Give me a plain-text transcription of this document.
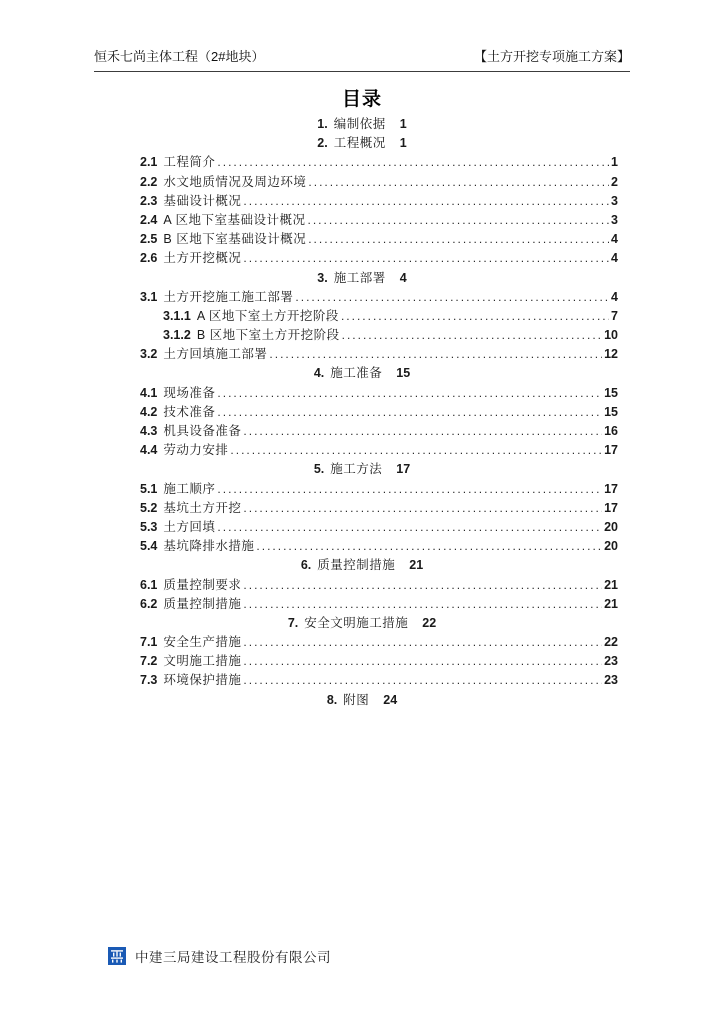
恒禾七尚主体工程（2#地块）	【土方开挖专项施工方案】
目录
1. 编制依据 1
2. 工程概况 1
2.1 工程简介 .....	1
2.2 水文地质情况及周边环境 .....	2
2.3 基础设计概况 .....	3
2.4 A 区地下室基础设计概况 .....	3
2.5 B 区地下室基础设计概况 .....	4
2.6 土方开挖概况 .....	4
3. 施工部署 4
3.1 土方开挖施工施工部署 .....	4
3.1.1 A 区地下室土方开挖阶段 .....	7
3.1.2 B 区地下室土方开挖阶段 .....	10
3.2 土方回填施工部署 .....	12
4. 施工准备 15
4.1 现场准备 .....	15
4.2 技术准备 .....	15
4.3 机具设备准备 .....	16
4.4 劳动力安排 .....	17
5. 施工方法 17
5.1 施工顺序 .....	17
5.2 基坑土方开挖 .....	17
5.3 土方回填 .....	20
5.4 基坑降排水措施 .....	20
6. 质量控制措施 21
6.1 质量控制要求 .....	21
6.2 质量控制措施 .....	21
7. 安全文明施工措施 22
7.1 安全生产措施 .....	22
7.2 文明施工措施 .....	23
7.3 环境保护措施 .....	23
8. 附图 24
中建三局建设工程股份有限公司
